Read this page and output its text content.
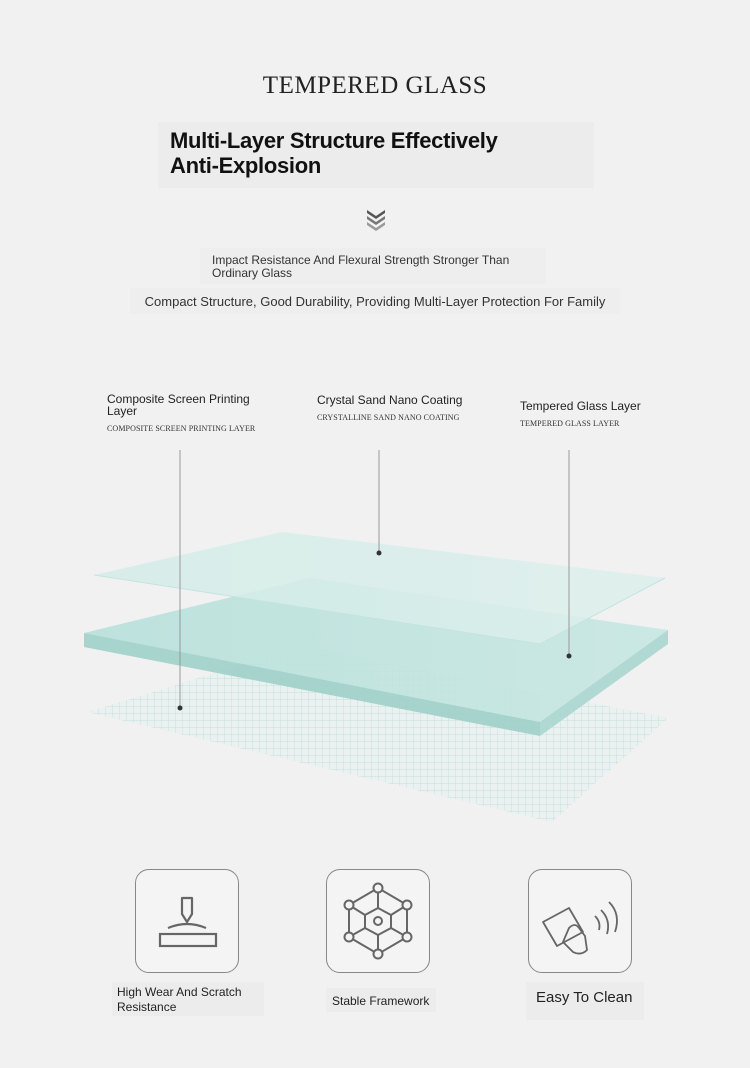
TEMPERED GLASS
Multi-Layer Structure Effectively
Anti-Explosion
Impact Resistance And Flexural Strength Stronger Than Ordinary Glass
Compact Structure, Good Durability, Providing Multi-Layer Protection For Family
Composite Screen Printing Layer
COMPOSITE SCREEN PRINTING LAYER
Crystal Sand Nano Coating
CRYSTALLINE SAND NANO COATING
Tempered Glass Layer
TEMPERED GLASS LAYER
High Wear And Scratch Resistance	Stable Framework	Easy To Clean
